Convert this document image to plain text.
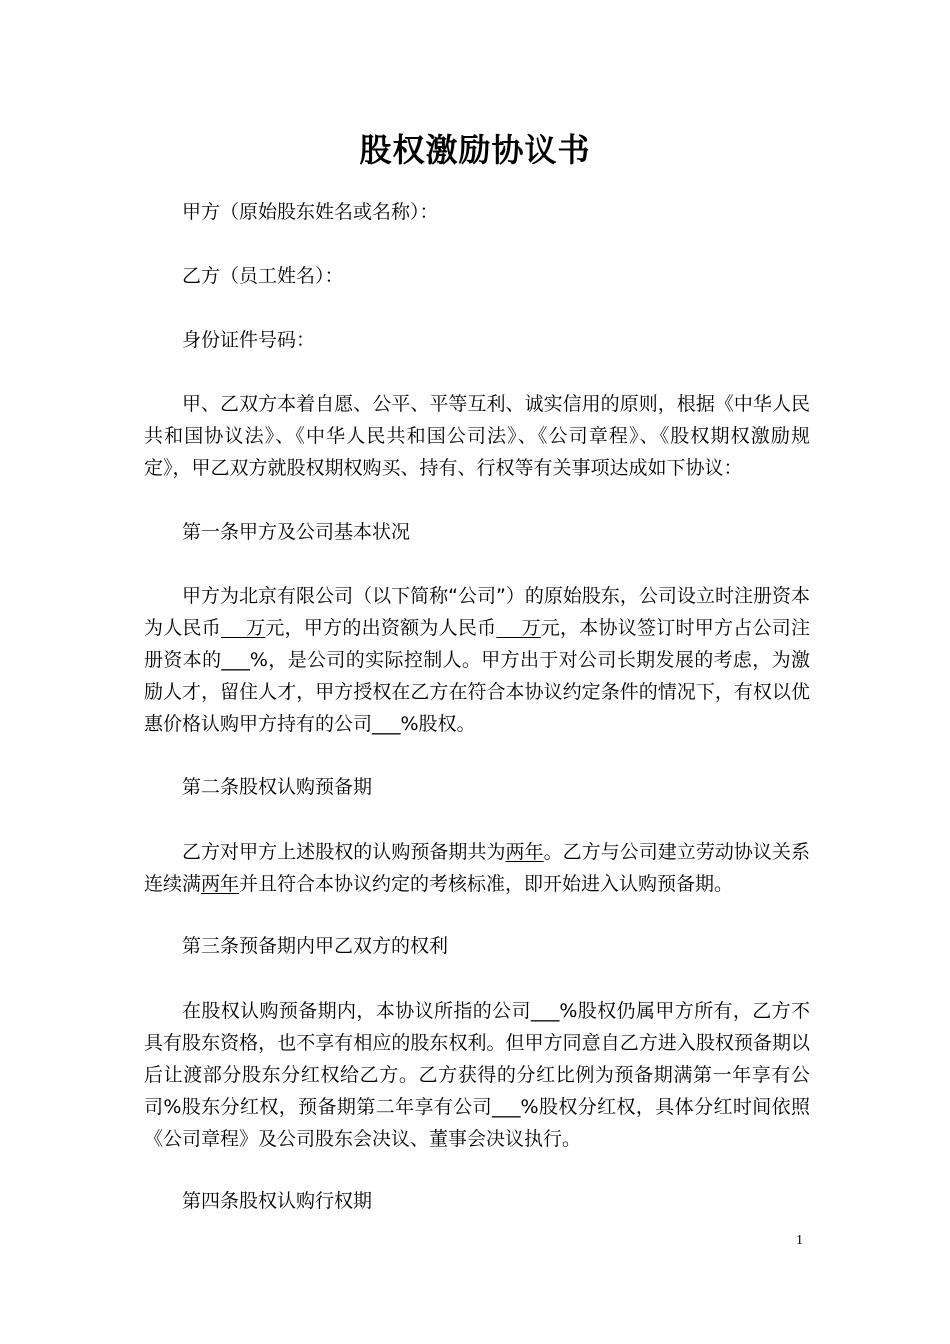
股权激励协议书
甲方（原始股东姓名或名称）：
乙方（员工姓名）：
身份证件号码：
甲、乙双方本着自愿、公平、平等互利、诚实信用的原则，根据《中华人民共和国协议法》、《中华人民共和国公司法》、《公司章程》、《股权期权激励规定》，甲乙双方就股权期权购买、持有、行权等有关事项达成如下协议：
第一条甲方及公司基本状况
甲方为北京有限公司（以下简称“公司”）的原始股东，公司设立时注册资本为人民币    万元，甲方的出资额为人民币    万元，本协议签订时甲方占公司注册资本的___%，是公司的实际控制人。甲方出于对公司长期发展的考虑，为激励人才，留住人才，甲方授权在乙方在符合本协议约定条件的情况下，有权以优惠价格认购甲方持有的公司___%股权。
第二条股权认购预备期
乙方对甲方上述股权的认购预备期共为两年。乙方与公司建立劳动协议关系连续满两年并且符合本协议约定的考核标准，即开始进入认购预备期。
第三条预备期内甲乙双方的权利
在股权认购预备期内，本协议所指的公司___%股权仍属甲方所有，乙方不具有股东资格，也不享有相应的股东权利。但甲方同意自乙方进入股权预备期以后让渡部分股东分红权给乙方。乙方获得的分红比例为预备期满第一年享有公司%股东分红权，预备期第二年享有公司___%股权分红权，具体分红时间依照《公司章程》及公司股东会决议、董事会决议执行。
第四条股权认购行权期
1
